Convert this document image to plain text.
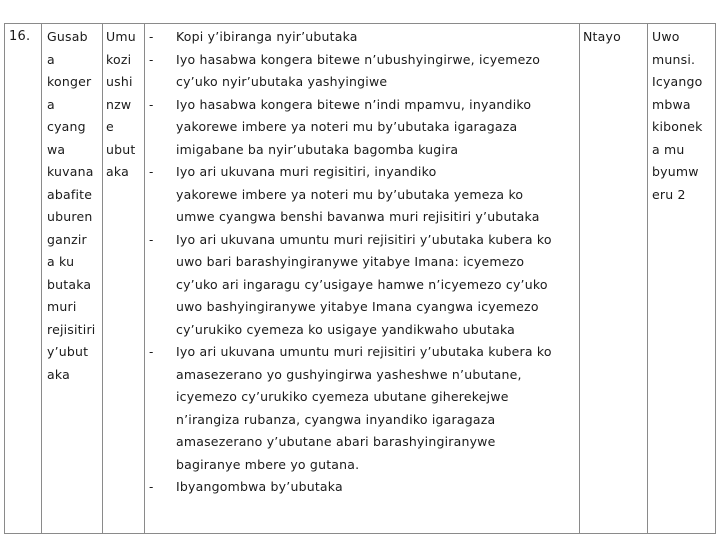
16. Gusab
a
konger
a
cyang
wa
kuvana
abafite
uburen
ganzir
a ku
butaka
muri
rejisitiri
y’ubut
aka
Umu
kozi
ushi
nzw
e
ubut
aka
- Kopi y’ibiranga nyir’ubutaka
- Iyo hasabwa kongera bitewe n’ubushyingirwe, icyemezo
cy’uko nyir’ubutaka yashyingiwe
- Iyo hasabwa kongera bitewe n’indi mpamvu, inyandiko
yakorewe imbere ya noteri mu by’ubutaka igaragaza
imigabane ba nyir’ubutaka bagomba kugira
- Iyo ari ukuvana muri regisitiri, inyandiko
yakorewe imbere ya noteri mu by’ubutaka yemeza ko
umwe cyangwa benshi bavanwa muri rejisitiri y’ubutaka
- Iyo ari ukuvana umuntu muri rejisitiri y’ubutaka kubera ko
uwo bari barashyingiranywe yitabye Imana: icyemezo
cy’uko ari ingaragu cy’usigaye hamwe n’icyemezo cy’uko
uwo bashyingiranywe yitabye Imana cyangwa icyemezo
cy’urukiko cyemeza ko usigaye yandikwaho ubutaka
- Iyo ari ukuvana umuntu muri rejisitiri y’ubutaka kubera ko
amasezerano yo gushyingirwa yasheshwe n’ubutane,
icyemezo cy’urukiko cyemeza ubutane giherekejwe
n’irangiza rubanza, cyangwa inyandiko igaragaza
amasezerano y’ubutane abari barashyingiranywe
bagiranye mbere yo gutana.
- Ibyangombwa by’ubutaka
Ntayo Uwo
munsi.
Icyango
mbwa
kibonek
a mu
byumw
eru 2
